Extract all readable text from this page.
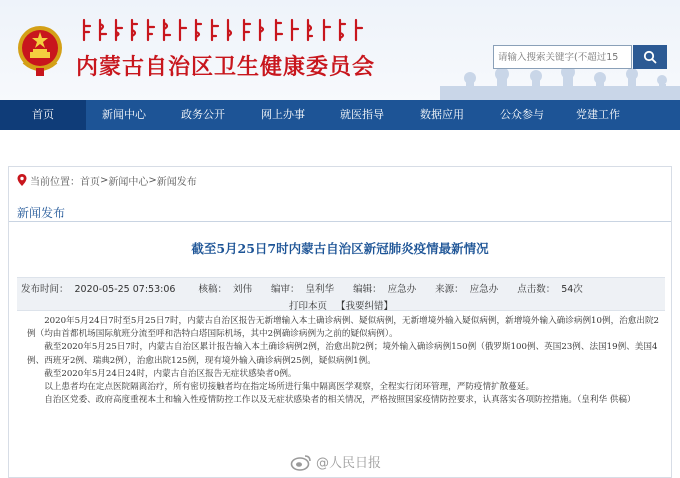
内蒙古自治区卫生健康委员会
请输入搜索关键字(不超过15
首页	新闻中心	政务公开	网上办事	就医指导	数据应用	公众参与	党建工作
当前位置： 首页 > 新闻中心 > 新闻发布
新闻发布
截至5月25日7时内蒙古自治区新冠肺炎疫情最新情况
发布时间： 2020-05-25 07:53:06 核稿： 刘伟 编审： 皇利华 编辑： 应急办 来源： 应急办 点击数： 54次
打印本页 【我要纠错】

2020年5月24日7时至5月25日7时，内蒙古自治区报告无新增输入本土确诊病例、疑似病例，无新增境外输入疑似病例，新增境外输入确诊病例10例，治愈出院2例（均由首都机场国际航班分流至呼和浩特白塔国际机场，其中2例确诊病例为之前的疑似病例）。

截至2020年5月25日7时，内蒙古自治区累计报告输入本土确诊病例2例，治愈出院2例；境外输入确诊病例150例（俄罗斯100例、英国23例、法国19例、美国4例、西班牙2例、瑞典2例），治愈出院125例，现有境外输入确诊病例25例，疑似病例1例。

截至2020年5月24日24时，内蒙古自治区报告无症状感染者0例。

以上患者均在定点医院隔离治疗，所有密切接触者均在指定场所进行集中隔离医学观察，全程实行闭环管理，严防疫情扩散蔓延。

自治区党委、政府高度重视本土和输入性疫情防控工作以及无症状感染者的相关情况，严格按照国家疫情防控要求，认真落实各项防控措施。（皇利华 供稿）

@人民日报
